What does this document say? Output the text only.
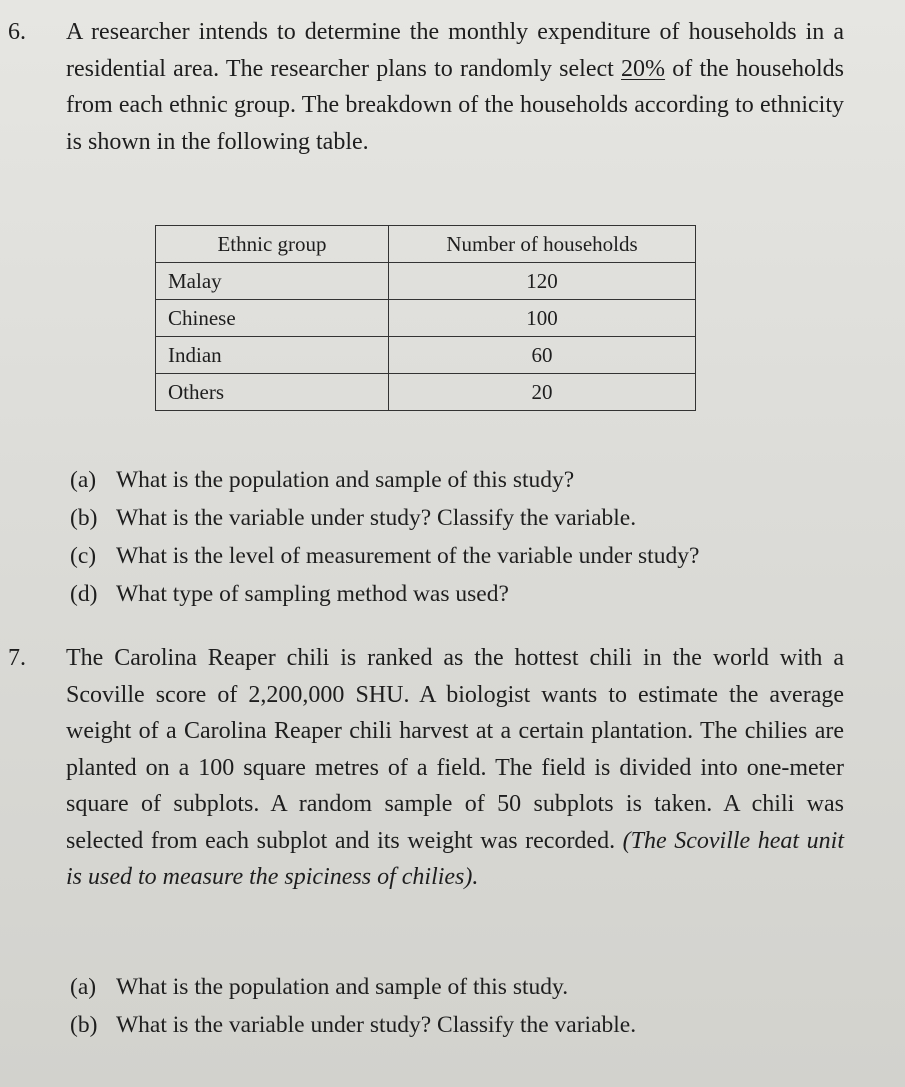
6. A researcher intends to determine the monthly expenditure of households in a residential area. The researcher plans to randomly select 20% of the households from each ethnic group. The breakdown of the households according to ethnicity is shown in the following table.
Ethnic group	Number of households
Malay	120
Chinese	100
Indian	60
Others	20
(a) What is the population and sample of this study?
(b) What is the variable under study? Classify the variable.
(c) What is the level of measurement of the variable under study?
(d) What type of sampling method was used?
7. The Carolina Reaper chili is ranked as the hottest chili in the world with a Scoville score of 2,200,000 SHU. A biologist wants to estimate the average weight of a Carolina Reaper chili harvest at a certain plantation. The chilies are planted on a 100 square metres of a field. The field is divided into one-meter square of subplots. A random sample of 50 subplots is taken. A chili was selected from each subplot and its weight was recorded. (The Scoville heat unit is used to measure the spiciness of chilies).
(a) What is the population and sample of this study.
(b) What is the variable under study? Classify the variable.
